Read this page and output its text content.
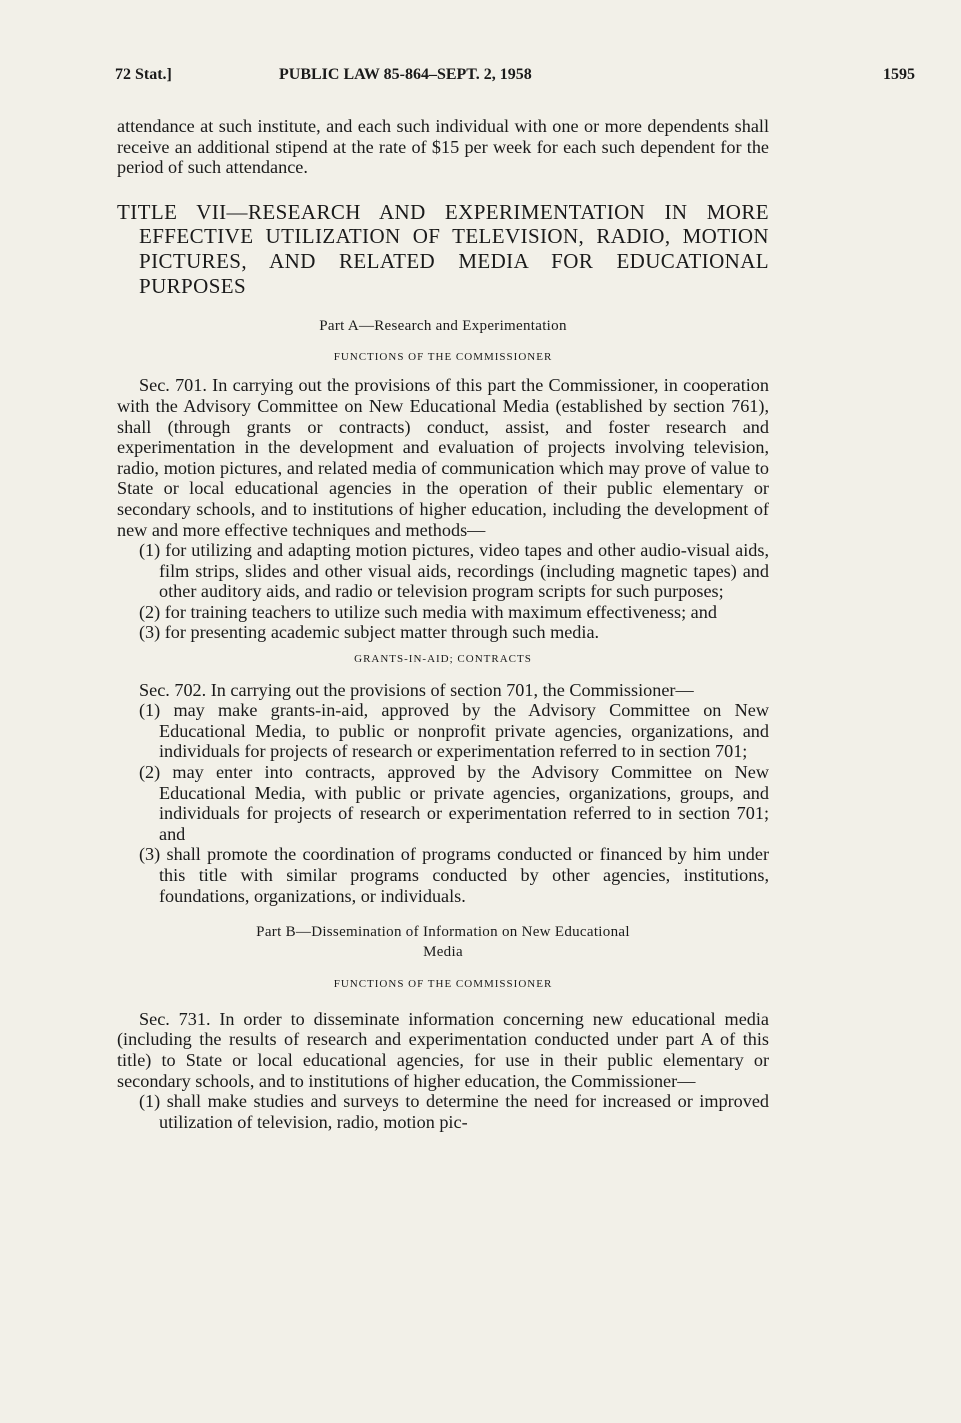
72 Stat.]	PUBLIC LAW 85-864–SEPT. 2, 1958	1595

attendance at such institute, and each such individual with one or more dependents shall receive an additional stipend at the rate of $15 per week for each such dependent for the period of such attendance.

TITLE VII—RESEARCH AND EXPERIMENTATION IN MORE EFFECTIVE UTILIZATION OF TELEVISION, RADIO, MOTION PICTURES, AND RELATED MEDIA FOR EDUCATIONAL PURPOSES

Part A—Research and Experimentation
FUNCTIONS OF THE COMMISSIONER

Sec. 701. In carrying out the provisions of this part the Commissioner, in cooperation with the Advisory Committee on New Educational Media (established by section 761), shall (through grants or contracts) conduct, assist, and foster research and experimentation in the development and evaluation of projects involving television, radio, motion pictures, and related media of communication which may prove of value to State or local educational agencies in the operation of their public elementary or secondary schools, and to institutions of higher education, including the development of new and more effective techniques and methods—

(1) for utilizing and adapting motion pictures, video tapes and other audio-visual aids, film strips, slides and other visual aids, recordings (including magnetic tapes) and other auditory aids, and radio or television program scripts for such purposes;

(2) for training teachers to utilize such media with maximum effectiveness; and

(3) for presenting academic subject matter through such media.

GRANTS-IN-AID; CONTRACTS

Sec. 702. In carrying out the provisions of section 701, the Commissioner—

(1) may make grants-in-aid, approved by the Advisory Committee on New Educational Media, to public or nonprofit private agencies, organizations, and individuals for projects of research or experimentation referred to in section 701;

(2) may enter into contracts, approved by the Advisory Committee on New Educational Media, with public or private agencies, organizations, groups, and individuals for projects of research or experimentation referred to in section 701; and

(3) shall promote the coordination of programs conducted or financed by him under this title with similar programs conducted by other agencies, institutions, foundations, organizations, or individuals.

Part B—Dissemination of Information on New Educational
Media
FUNCTIONS OF THE COMMISSIONER

Sec. 731. In order to disseminate information concerning new educational media (including the results of research and experimentation conducted under part A of this title) to State or local educational agencies, for use in their public elementary or secondary schools, and to institutions of higher education, the Commissioner—

(1) shall make studies and surveys to determine the need for increased or improved utilization of television, radio, motion pic-
